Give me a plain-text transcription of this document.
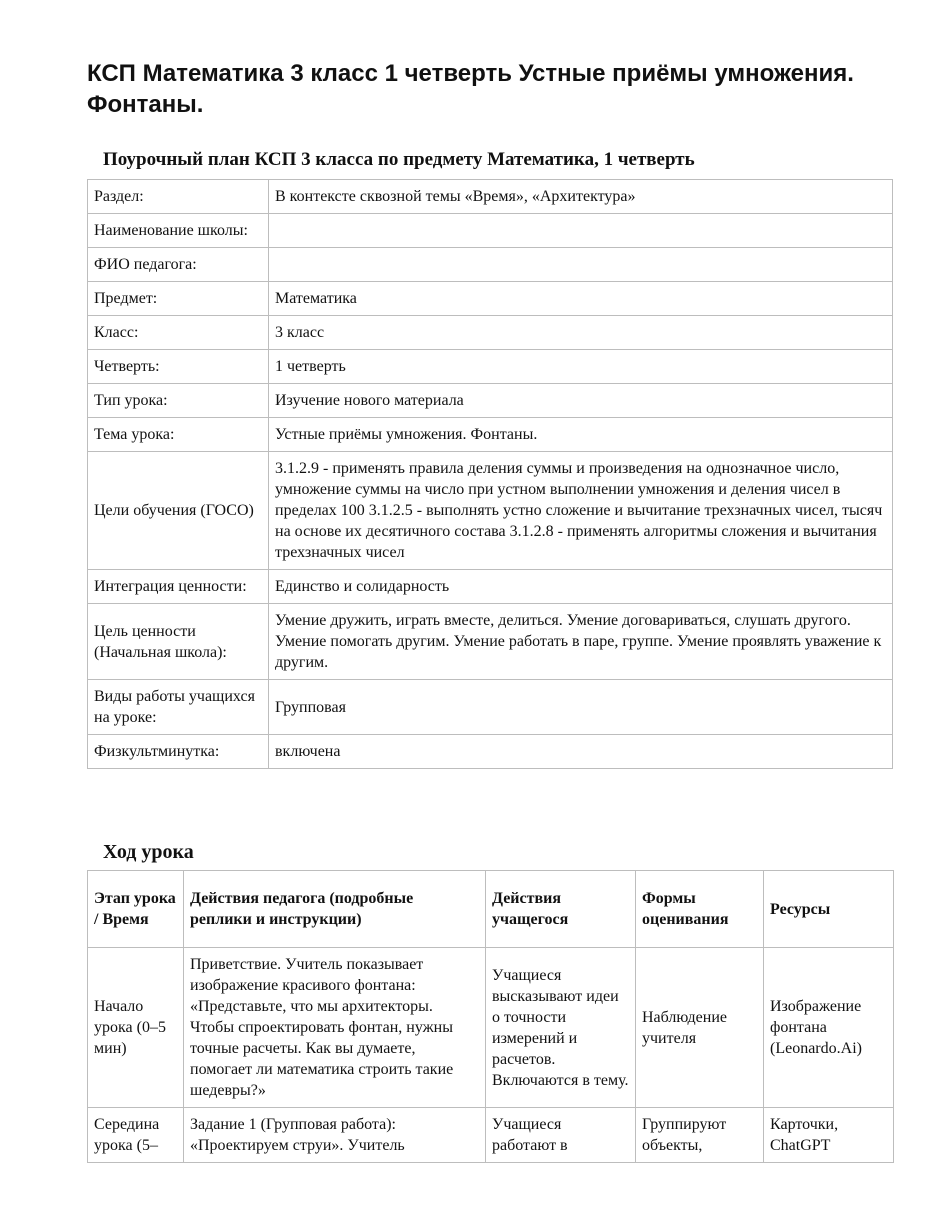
КСП Математика 3 класс 1 четверть Устные приёмы умножения. Фонтаны.
Поурочный план КСП 3 класса по предмету Математика, 1 четверть
Раздел:	В контексте сквозной темы «Время», «Архитектура»
Наименование школы:	
ФИО педагога:	
Предмет:	Математика
Класс:	3 класс
Четверть:	1 четверть
Тип урока:	Изучение нового материала
Тема урока:	Устные приёмы умножения. Фонтаны.
Цели обучения (ГОСО)	3.1.2.9 - применять правила деления суммы и произведения на однозначное число, умножение суммы на число при устном выполнении умножения и деления чисел в пределах 100 3.1.2.5 - выполнять устно сложение и вычитание трехзначных чисел, тысяч на основе их десятичного состава 3.1.2.8 - применять алгоритмы сложения и вычитания трехзначных чисел
Интеграция ценности:	Единство и солидарность
Цель ценности (Начальная школа):	Умение дружить, играть вместе, делиться. Умение договариваться, слушать другого. Умение помогать другим. Умение работать в паре, группе. Умение проявлять уважение к другим.
Виды работы учащихся на уроке:	Групповая
Физкультминутка:	включена
Ход урока
Этап урока / Время	Действия педагога (подробные реплики и инструкции)	Действия учащегося	Формы оценивания	Ресурсы
Начало урока (0–5 мин)	Приветствие. Учитель показывает изображение красивого фонтана: «Представьте, что мы архитекторы. Чтобы спроектировать фонтан, нужны точные расчеты. Как вы думаете, помогает ли математика строить такие шедевры?»	Учащиеся высказывают идеи о точности измерений и расчетов. Включаются в тему.	Наблюдение учителя	Изображение фонтана (Leonardo.Ai)
Середина урока (5–	Задание 1 (Групповая работа): «Проектируем струи». Учитель	Учащиеся работают в	Группируют объекты,	Карточки, ChatGPT
